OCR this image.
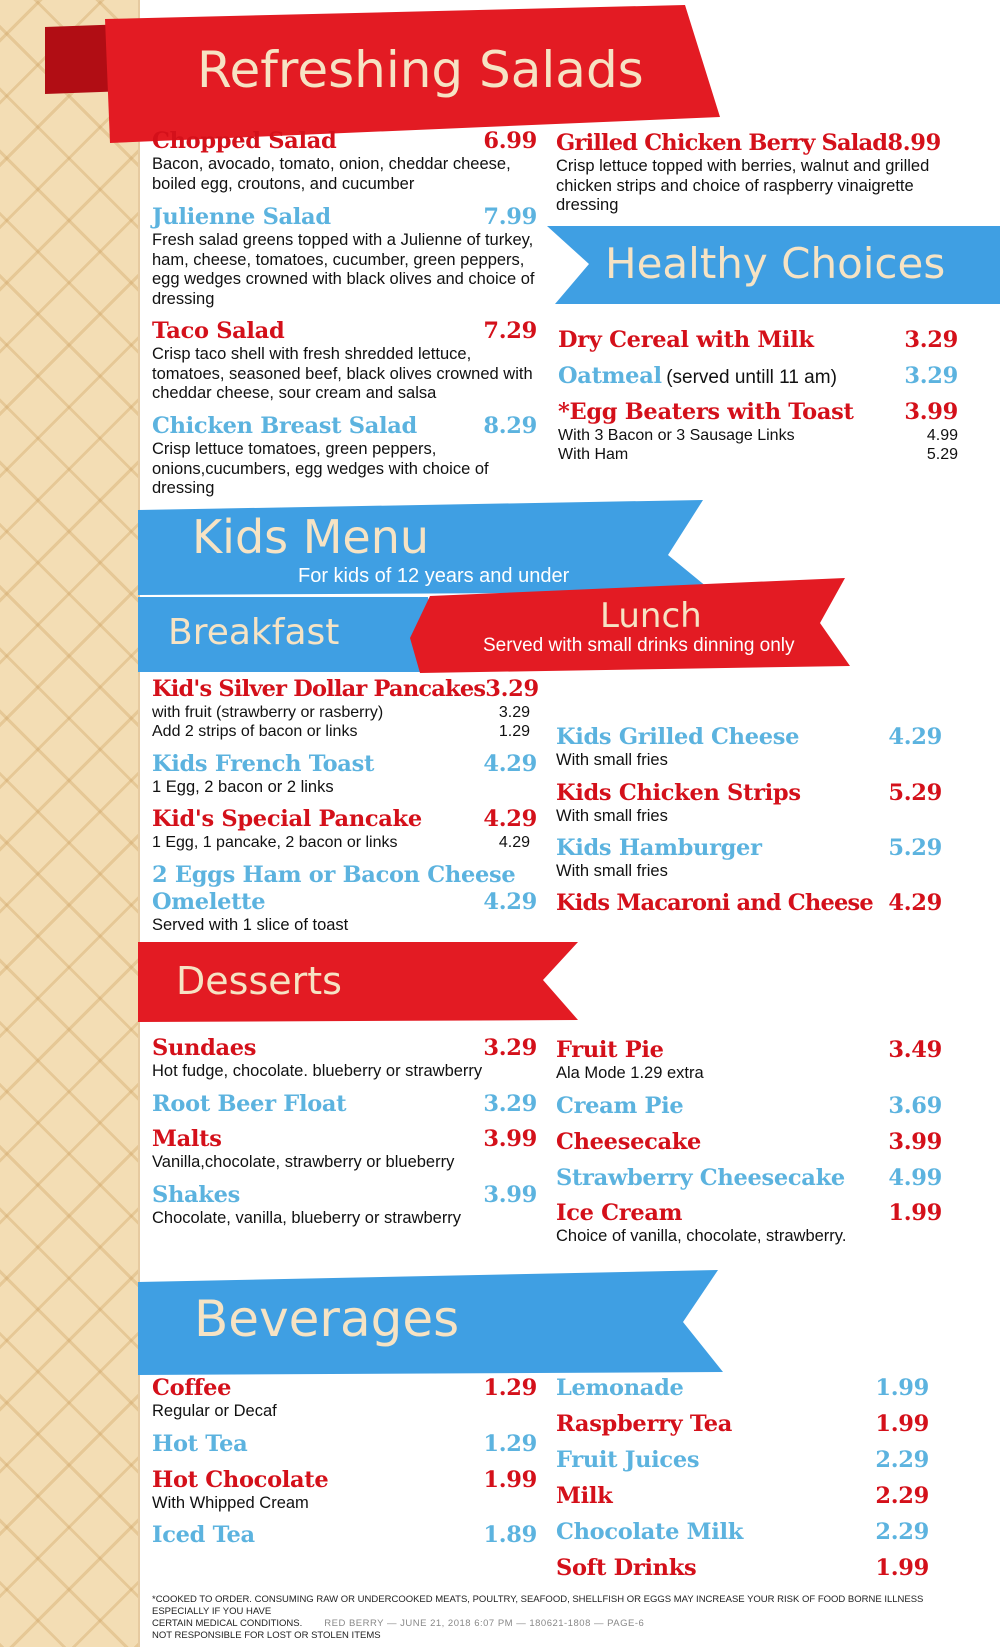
Refreshing Salads
Healthy Choices
Kids Menu
For kids of 12 years and under
Breakfast	Lunch
Served with small drinks dinning only
Desserts
Beverages
Chopped Salad	6.99
Bacon, avocado, tomato, onion, cheddar cheese, boiled egg, croutons, and cucumber
Julienne Salad	7.99
Fresh salad greens topped with a Julienne of turkey, ham, cheese, tomatoes, cucumber, green peppers, egg wedges crowned with black olives and choice of dressing
Taco Salad	7.29
Crisp taco shell with fresh shredded lettuce, tomatoes, seasoned beef, black olives crowned with cheddar cheese, sour cream and salsa
Chicken Breast Salad	8.29
Crisp lettuce tomatoes, green peppers, onions,cucumbers, egg wedges with choice of dressing
Grilled Chicken Berry Salad 8.99
Crisp lettuce topped with berries, walnut and grilled chicken strips and choice of raspberry vinaigrette dressing
Dry Cereal with Milk	3.29
Oatmeal (served untill 11 am)	3.29
*Egg Beaters with Toast 3.99
With 3 Bacon or 3 Sausage Links	4.99
With Ham	5.29
Kid's Silver Dollar Pancakes 3.29
with fruit (strawberry or rasberry)	3.29
Add 2 strips of bacon or links	1.29
Kids French Toast	4.29
1 Egg, 2 bacon or 2 links
Kid's Special Pancake	4.29
1 Egg, 1 pancake, 2 bacon or links	4.29
2 Eggs Ham or Bacon Cheese
Omelette	4.29
Served with 1 slice of toast
Kids Grilled Cheese	4.29
With small fries
Kids Chicken Strips	5.29
With small fries
Kids Hamburger	5.29
With small fries
Kids Macaroni and Cheese 4.29
Sundaes	3.29
Hot fudge, chocolate. blueberry or strawberry
Root Beer Float	3.29
Malts	3.99
Vanilla,chocolate, strawberry or blueberry
Shakes	3.99
Chocolate, vanilla, blueberry or strawberry
Fruit Pie	3.49
Ala Mode 1.29 extra
Cream Pie	3.69
Cheesecake	3.99
Strawberry Cheesecake 4.99
Ice Cream	1.99
Choice of vanilla, chocolate, strawberry.
Coffee	1.29
Regular or Decaf
Hot Tea	1.29
Hot Chocolate	1.99
With Whipped Cream
Iced Tea	1.89
Lemonade	1.99
Raspberry Tea	1.99
Fruit Juices	2.29
Milk	2.29
Chocolate Milk	2.29
Soft Drinks	1.99
*COOKED TO ORDER. CONSUMING RAW OR UNDERCOOKED MEATS, POULTRY, SEAFOOD, SHELLFISH OR EGGS MAY INCREASE YOUR RISK OF FOOD BORNE ILLNESS ESPECIALLY IF YOU HAVE
CERTAIN MEDICAL CONDITIONS. RED BERRY — JUNE 21, 2018 6:07 PM — 180621-1808 — PAGE-6
NOT RESPONSIBLE FOR LOST OR STOLEN ITEMS
